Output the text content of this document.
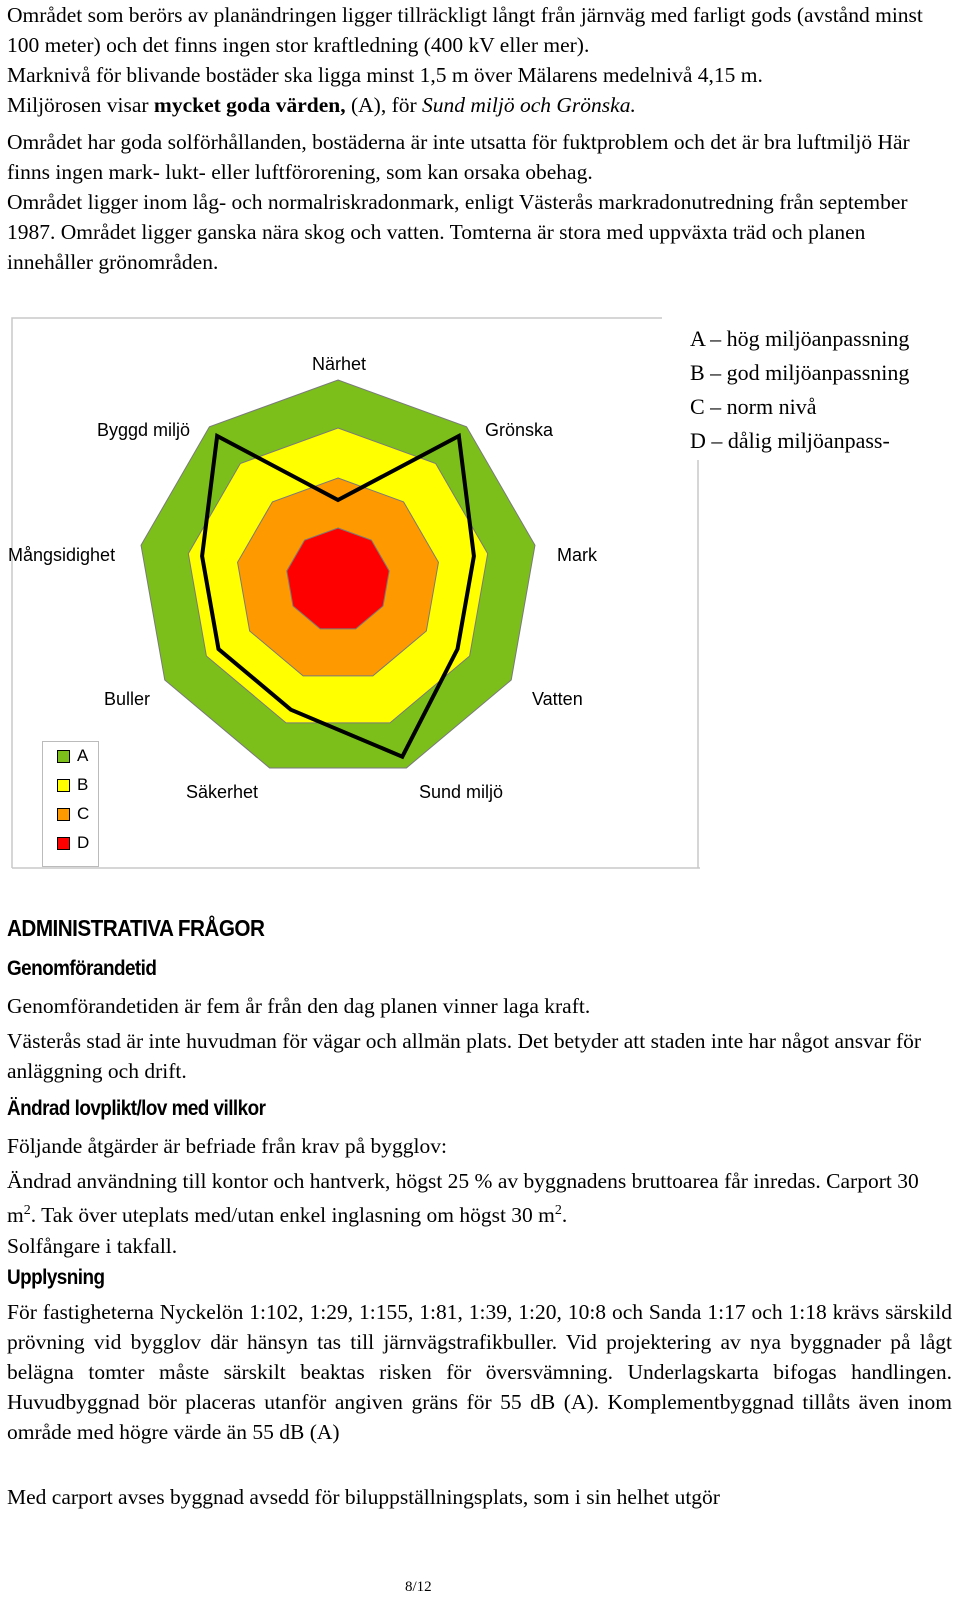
Området som berörs av planändringen ligger tillräckligt långt från järnväg med farligt gods (avstånd minst 100 meter) och det finns ingen stor kraftledning (400 kV eller mer).

Marknivå för blivande bostäder ska ligga minst 1,5 m över Mälarens medelnivå 4,15 m.

Miljörosen visar mycket goda värden, (A), för Sund miljö och Grönska.

Området har goda solförhållanden, bostäderna är inte utsatta för fuktproblem och det är bra luftmiljö Här finns ingen mark- lukt- eller luftförorening, som kan orsaka obehag.

Området ligger inom låg- och normalriskradonmark, enligt Västerås markradonutredning från september 1987. Området ligger ganska nära skog och vatten. Tomterna är stora med uppväxta träd och planen innehåller grönområden.

A – hög miljöanpassning
B – god miljöanpassning
C – norm nivå
D – dålig miljöanpass-
Närhet
Grönska
Mark
Vatten
Sund miljö
Säkerhet
Buller
Mångsidighet
Byggd miljö
A
B
C
D
ADMINISTRATIVA FRÅGOR
Genomförandetid

Genomförandetiden är fem år från den dag planen vinner laga kraft.

Västerås stad är inte huvudman för vägar och allmän plats. Det betyder att staden inte har något ansvar för anläggning och drift.

Ändrad lovplikt/lov med villkor

Följande åtgärder är befriade från krav på bygglov:

Ändrad användning till kontor och hantverk, högst 25 % av byggnadens bruttoarea får inredas. Carport 30 $m^2$. Tak över uteplats med/utan enkel inglasning om högst 30 $m^2$.

Solfångare i takfall.

Upplysning

För fastigheterna Nyckelön 1:102, 1:29, 1:155, 1:81, 1:39, 1:20, 10:8 och Sanda 1:17 och 1:18 krävs särskild prövning vid bygglov där hänsyn tas till järnvägstrafikbuller. Vid projektering av nya byggnader på lågt belägna tomter måste särskilt beaktas risken för översvämning. Underlagskarta bifogas handlingen. Huvudbyggnad bör placeras utanför angiven gräns för 55 dB (A). Komplementbyggnad tillåts även inom område med högre värde än 55 dB (A)

Med carport avses byggnad avsedd för biluppställningsplats, som i sin helhet utgör

8/12
